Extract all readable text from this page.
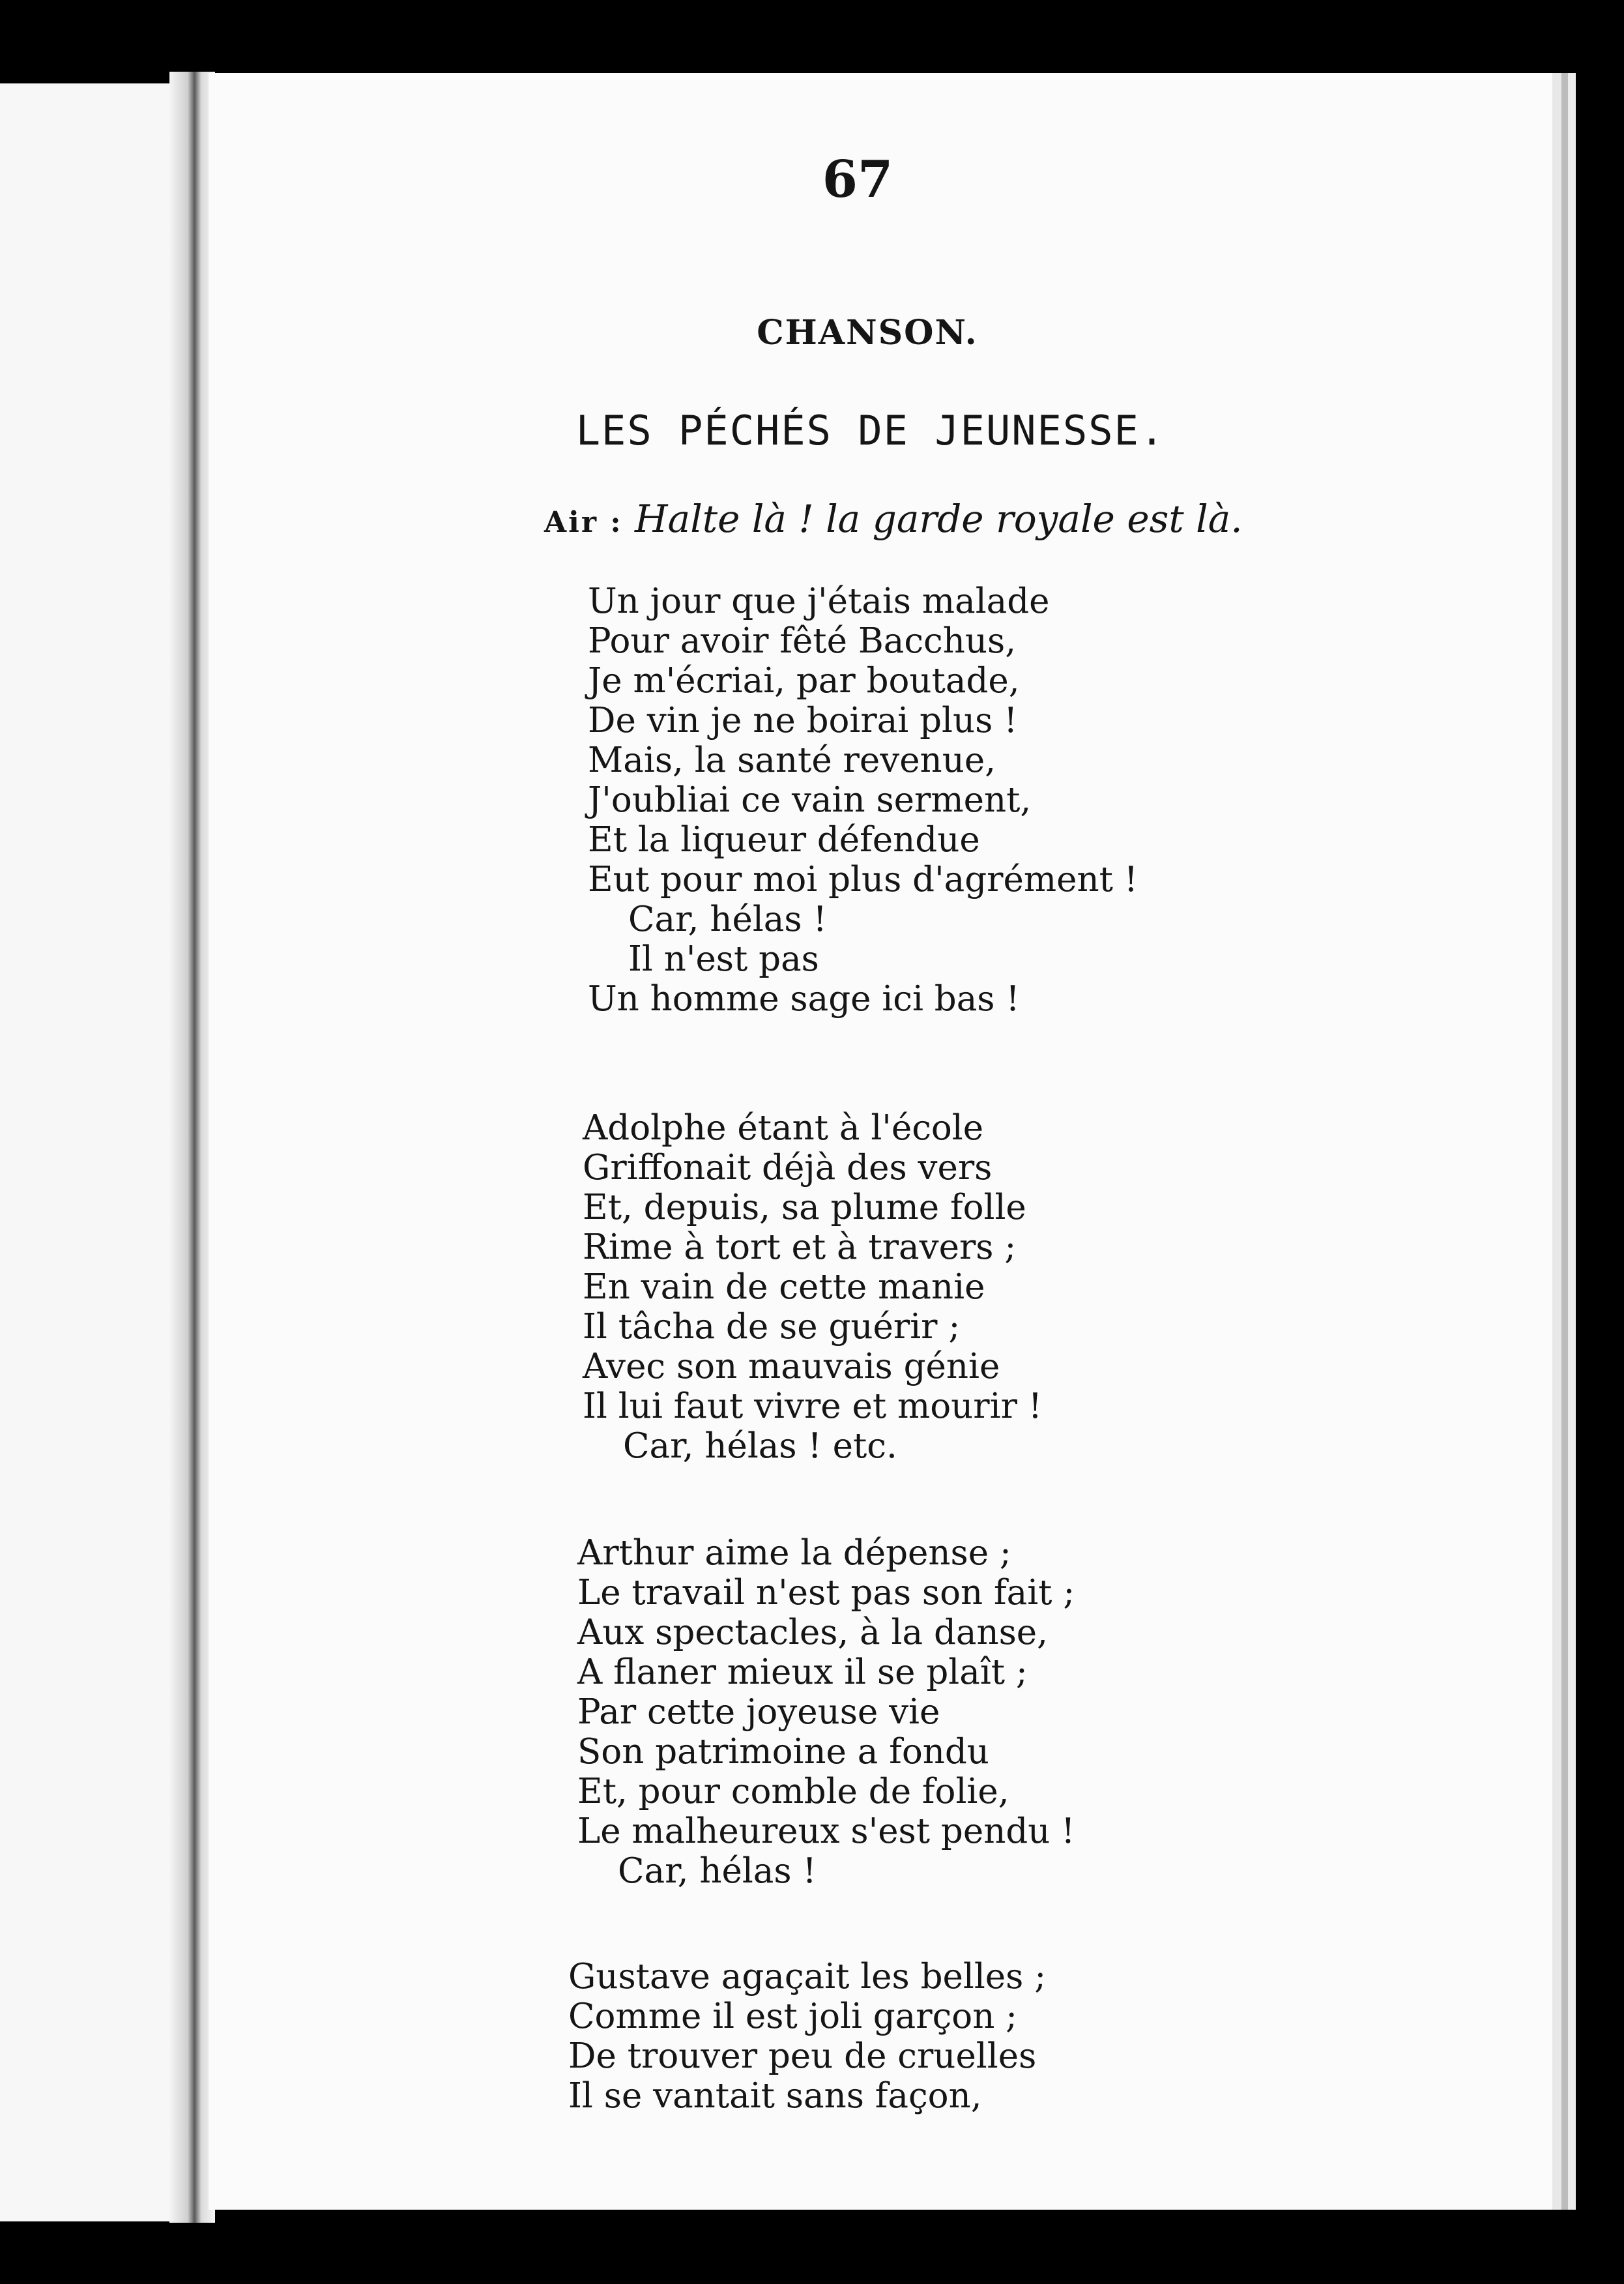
67
CHANSON.
LES PÉCHÉS DE JEUNESSE.
Air : Halte là ! la garde royale est là.
Un jour que j'étais malade
Pour avoir fêté Bacchus,
Je m'écriai, par boutade,
De vin je ne boirai plus !
Mais, la santé revenue,
J'oubliai ce vain serment,
Et la liqueur défendue
Eut pour moi plus d'agrément !
Car, hélas !
Il n'est pas
Un homme sage ici bas !
Adolphe étant à l'école
Griffonait déjà des vers
Et, depuis, sa plume folle
Rime à tort et à travers ;
En vain de cette manie
Il tâcha de se guérir ;
Avec son mauvais génie
Il lui faut vivre et mourir !
Car, hélas ! etc.
Arthur aime la dépense ;
Le travail n'est pas son fait ;
Aux spectacles, à la danse,
A flaner mieux il se plaît ;
Par cette joyeuse vie
Son patrimoine a fondu
Et, pour comble de folie,
Le malheureux s'est pendu !
Car, hélas !
Gustave agaçait les belles ;
Comme il est joli garçon ;
De trouver peu de cruelles
Il se vantait sans façon,
